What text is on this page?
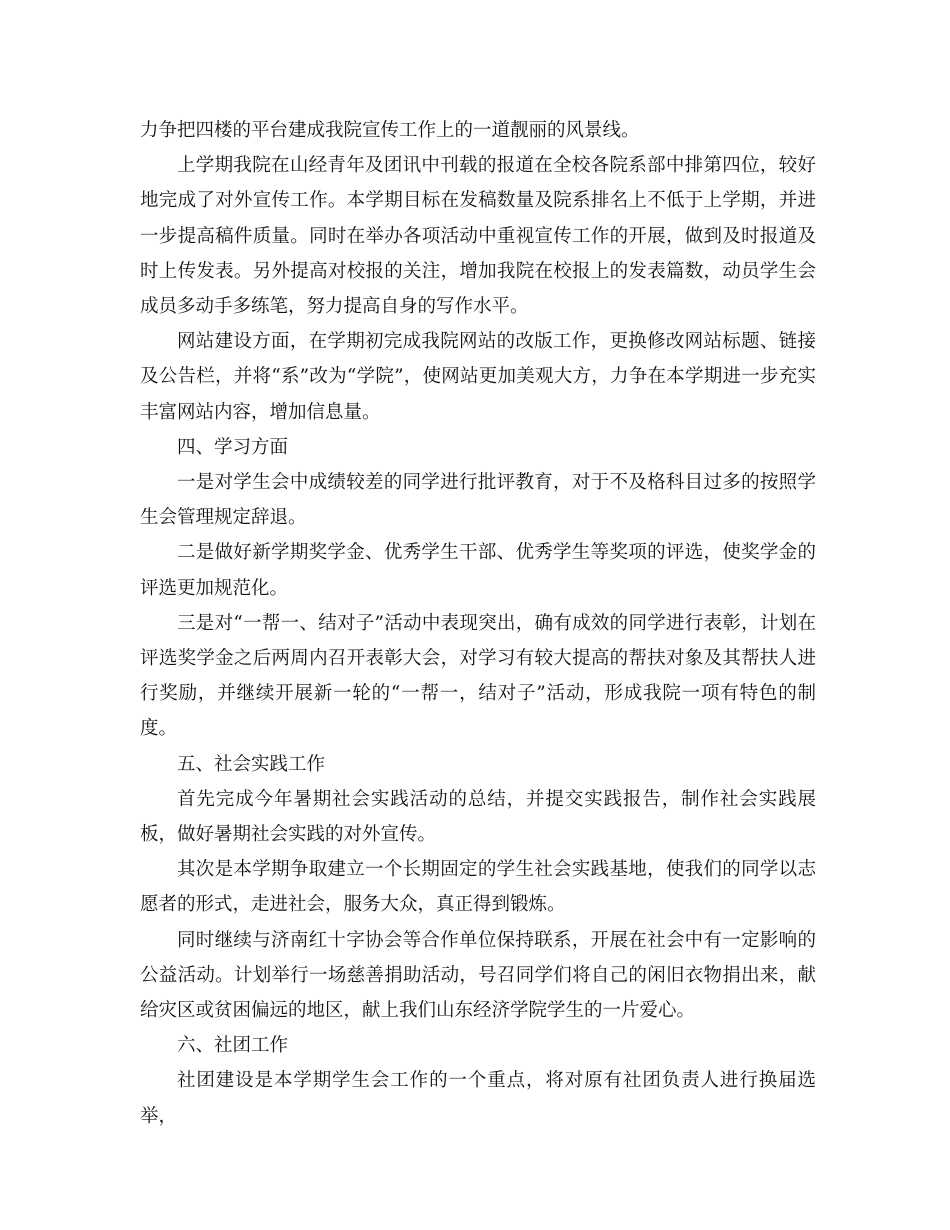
力争把四楼的平台建成我院宣传工作上的一道靓丽的风景线。

上学期我院在山经青年及团讯中刊载的报道在全校各院系部中排第四位，较好地完成了对外宣传工作。本学期目标在发稿数量及院系排名上不低于上学期，并进一步提高稿件质量。同时在举办各项活动中重视宣传工作的开展，做到及时报道及时上传发表。另外提高对校报的关注，增加我院在校报上的发表篇数，动员学生会成员多动手多练笔，努力提高自身的写作水平。

网站建设方面，在学期初完成我院网站的改版工作，更换修改网站标题、链接及公告栏，并将“系”改为“学院”，使网站更加美观大方，力争在本学期进一步充实丰富网站内容，增加信息量。

四、学习方面

一是对学生会中成绩较差的同学进行批评教育，对于不及格科目过多的按照学生会管理规定辞退。

二是做好新学期奖学金、优秀学生干部、优秀学生等奖项的评选，使奖学金的评选更加规范化。

三是对“一帮一、结对子”活动中表现突出，确有成效的同学进行表彰，计划在评选奖学金之后两周内召开表彰大会，对学习有较大提高的帮扶对象及其帮扶人进行奖励，并继续开展新一轮的“一帮一，结对子”活动，形成我院一项有特色的制度。

五、社会实践工作

首先完成今年暑期社会实践活动的总结，并提交实践报告，制作社会实践展板，做好暑期社会实践的对外宣传。

其次是本学期争取建立一个长期固定的学生社会实践基地，使我们的同学以志愿者的形式，走进社会，服务大众，真正得到锻炼。

同时继续与济南红十字协会等合作单位保持联系，开展在社会中有一定影响的公益活动。计划举行一场慈善捐助活动，号召同学们将自己的闲旧衣物捐出来，献给灾区或贫困偏远的地区，献上我们山东经济学院学生的一片爱心。

六、社团工作

社团建设是本学期学生会工作的一个重点，将对原有社团负责人进行换届选举，
